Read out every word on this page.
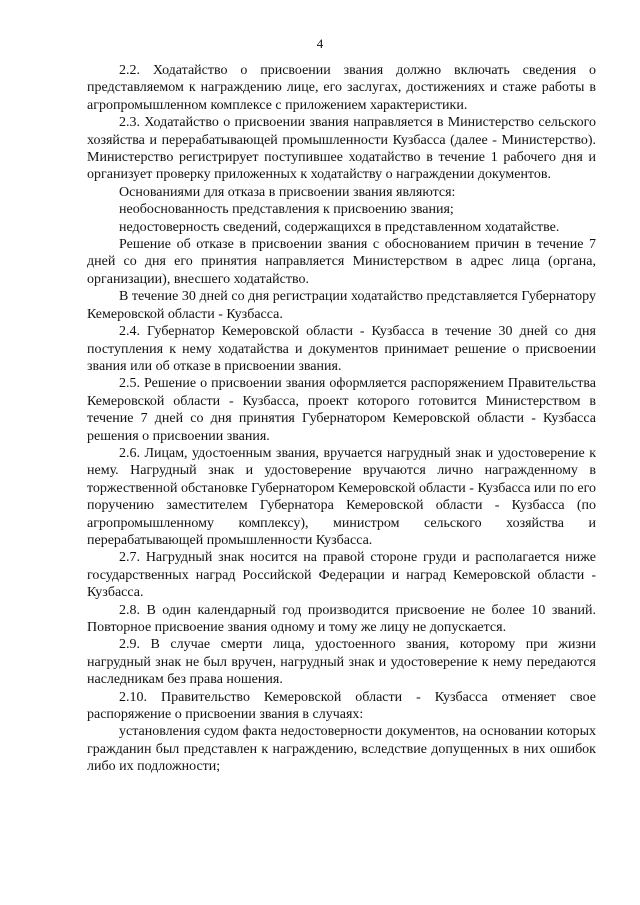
4

2.2. Ходатайство о присвоении звания должно включать сведения о представляемом к награждению лице, его заслугах, достижениях и стаже работы в агропромышленном комплексе с приложением характеристики.

2.3. Ходатайство о присвоении звания направляется в Министерство сельского хозяйства и перерабатывающей промышленности Кузбасса (далее - Министерство). Министерство регистрирует поступившее ходатайство в течение 1 рабочего дня и организует проверку приложенных к ходатайству о награждении документов.

Основаниями для отказа в присвоении звания являются:

необоснованность представления к присвоению звания;

недостоверность сведений, содержащихся в представленном ходатайстве.

Решение об отказе в присвоении звания с обоснованием причин в течение 7 дней со дня его принятия направляется Министерством в адрес лица (органа, организации), внесшего ходатайство.

В течение 30 дней со дня регистрации ходатайство представляется Губернатору Кемеровской области - Кузбасса.

2.4. Губернатор Кемеровской области - Кузбасса в течение 30 дней со дня поступления к нему ходатайства и документов принимает решение о присвоении звания или об отказе в присвоении звания.

2.5. Решение о присвоении звания оформляется распоряжением Правительства Кемеровской области - Кузбасса, проект которого готовится Министерством в течение 7 дней со дня принятия Губернатором Кемеровской области - Кузбасса решения о присвоении звания.

2.6. Лицам, удостоенным звания, вручается нагрудный знак и удостоверение к нему. Нагрудный знак и удостоверение вручаются лично награжденному в торжественной обстановке Губернатором Кемеровской области - Кузбасса или по его поручению заместителем Губернатора Кемеровской области - Кузбасса (по агропромышленному комплексу), министром сельского хозяйства и перерабатывающей промышленности Кузбасса.

2.7. Нагрудный знак носится на правой стороне груди и располагается ниже государственных наград Российской Федерации и наград Кемеровской области - Кузбасса.

2.8. В один календарный год производится присвоение не более 10 званий. Повторное присвоение звания одному и тому же лицу не допускается.

2.9. В случае смерти лица, удостоенного звания, которому при жизни нагрудный знак не был вручен, нагрудный знак и удостоверение к нему передаются наследникам без права ношения.

2.10. Правительство Кемеровской области - Кузбасса отменяет свое распоряжение о присвоении звания в случаях:

установления судом факта недостоверности документов, на основании которых гражданин был представлен к награждению, вследствие допущенных в них ошибок либо их подложности;
